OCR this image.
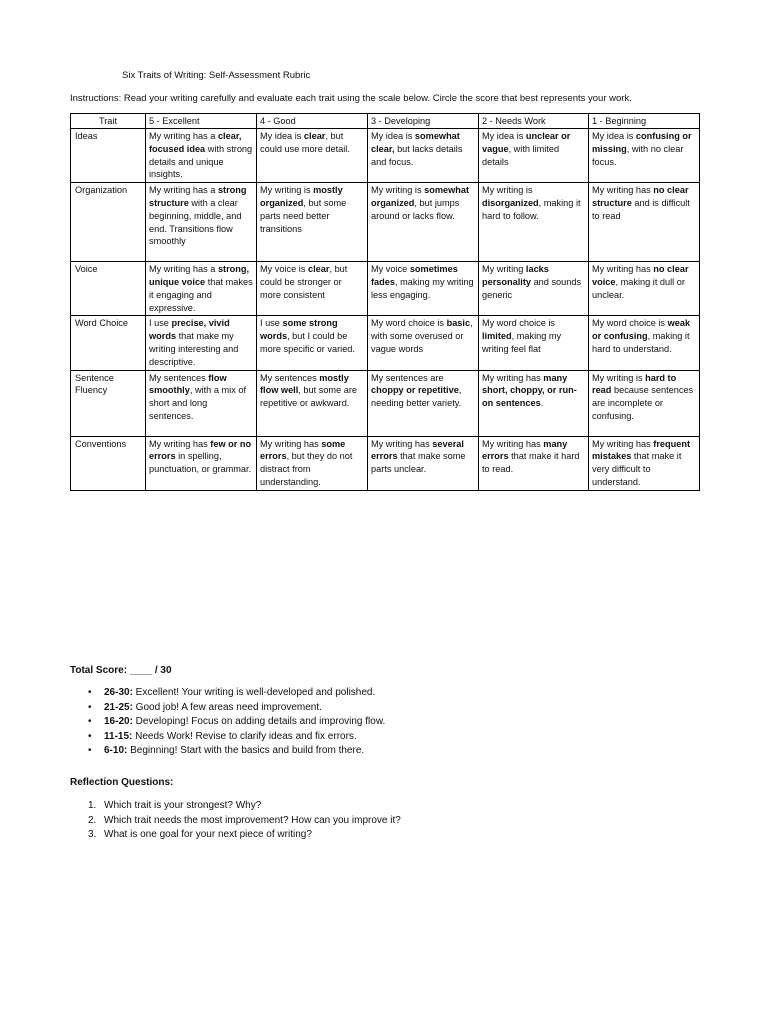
Six Traits of Writing: Self-Assessment Rubric
Instructions: Read your writing carefully and evaluate each trait using the scale below. Circle the score that best represents your work.
Trait	5 - Excellent	4 - Good	3 - Developing	2 - Needs Work	1 - Beginning
Ideas	My writing has a clear, focused idea with strong details and unique insights.	My idea is clear, but could use more detail.	My idea is somewhat clear, but lacks details and focus.	My idea is unclear or vague, with limited details	My idea is confusing or missing, with no clear focus.
Organization	My writing has a strong structure with a clear beginning, middle, and end. Transitions flow smoothly	My writing is mostly organized, but some parts need better transitions	My writing is somewhat organized, but jumps around or lacks flow.	My writing is disorganized, making it hard to follow.	My writing has no clear structure and is difficult to read
Voice	My writing has a strong, unique voice that makes it engaging and expressive.	My voice is clear, but could be stronger or more consistent	My voice sometimes fades, making my writing less engaging.	My writing lacks personality and sounds generic	My writing has no clear voice, making it dull or unclear.
Word Choice	I use precise, vivid words that make my writing interesting and descriptive.	I use some strong words, but I could be more specific or varied.	My word choice is basic, with some overused or vague words	My word choice is limited, making my writing feel flat	My word choice is weak or confusing, making it hard to understand.
Sentence Fluency	My sentences flow smoothly, with a mix of short and long sentences.	My sentences mostly flow well, but some are repetitive or awkward.	My sentences are choppy or repetitive, needing better variety.	My writing has many short, choppy, or run-on sentences.	My writing is hard to read because sentences are incomplete or confusing.
Conventions	My writing has few or no errors in spelling, punctuation, or grammar.	My writing has some errors, but they do not distract from understanding.	My writing has several errors that make some parts unclear.	My writing has many errors that make it hard to read.	My writing has frequent mistakes that make it very difficult to understand.
Total Score: ____ / 30
• 26-30: Excellent! Your writing is well-developed and polished.
• 21-25: Good job! A few areas need improvement.
• 16-20: Developing! Focus on adding details and improving flow.
• 11-15: Needs Work! Revise to clarify ideas and fix errors.
• 6-10: Beginning! Start with the basics and build from there.
Reflection Questions:
1. Which trait is your strongest? Why?
2. Which trait needs the most improvement? How can you improve it?
3. What is one goal for your next piece of writing?
